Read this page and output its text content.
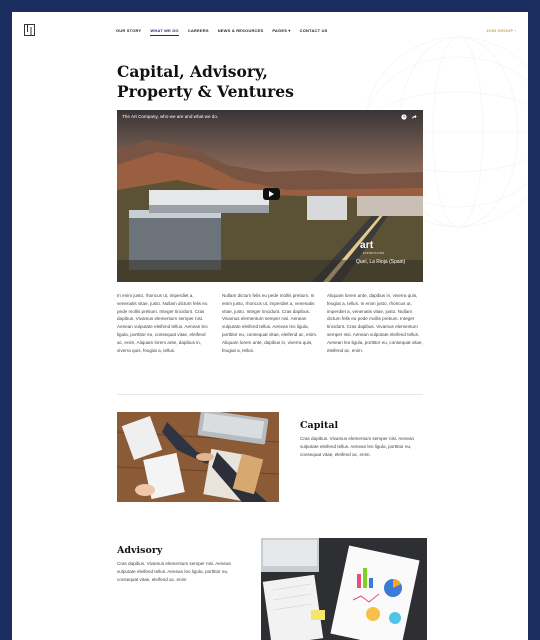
OUR STORY WHAT WE DO CAREERS NEWS & RESOURCES PAGES ▾ CONTACT US	JOIN GROUP ›
Capital, Advisory,
Property & Ventures
The Art Company, who we are and what we do.
art
EXPORTACIÓN
Quel, La Rioja (Spain)

In enim justo, rhoncus ut, imperdiet a, venenatis vitae, justo. Nullam dictum felis eu pede mollis pretium. Integer tincidunt. Cras dapibus. Vivamus elementum semper nisi. Aenean vulputate eleifend tellus. Aenean leo ligula, porttitor eu, consequat vitae, eleifend ac, enim. Aliquam lorem ante, dapibus in, viverra quis, feugiat a, tellus.

Nullam dictum felis eu pede mollis pretium. In enim justo, rhoncus ut, imperdiet a, venenatis vitae, justo. Integer tincidunt. Cras dapibus. Vivamus elementum semper nisi. Aenean vulputate eleifend tellus. Aenean leo ligula, porttitor eu, consequat vitae, eleifend ac, enim. Aliquam lorem ante, dapibus in, viverra quis, feugiat a, tellus.

Aliquam lorem ante, dapibus in, viverra quis, feugiat a, tellus. In enim justo, rhoncus ut, imperdiet a, venenatis vitae, justo. Nullam dictum felis eu pede mollis pretium. Integer tincidunt. Cras dapibus. Vivamus elementum semper nisi. Aenean vulputate eleifend tellus. Aenean leo ligula, porttitor eu, consequat vitae, eleifend ac, enim.

Capital

Cras dapibus. Vivamus elementum semper nisi. Aenean vulputate eleifend tellus. Aenean leo ligula, porttitor eu, consequat vitae, eleifend ac, enim.

Advisory

Cras dapibus. Vivamus elementum semper nisi. Aenean vulputate eleifend tellus. Aenean leo ligula, porttitor eu, consequat vitae, eleifend ac, enim
